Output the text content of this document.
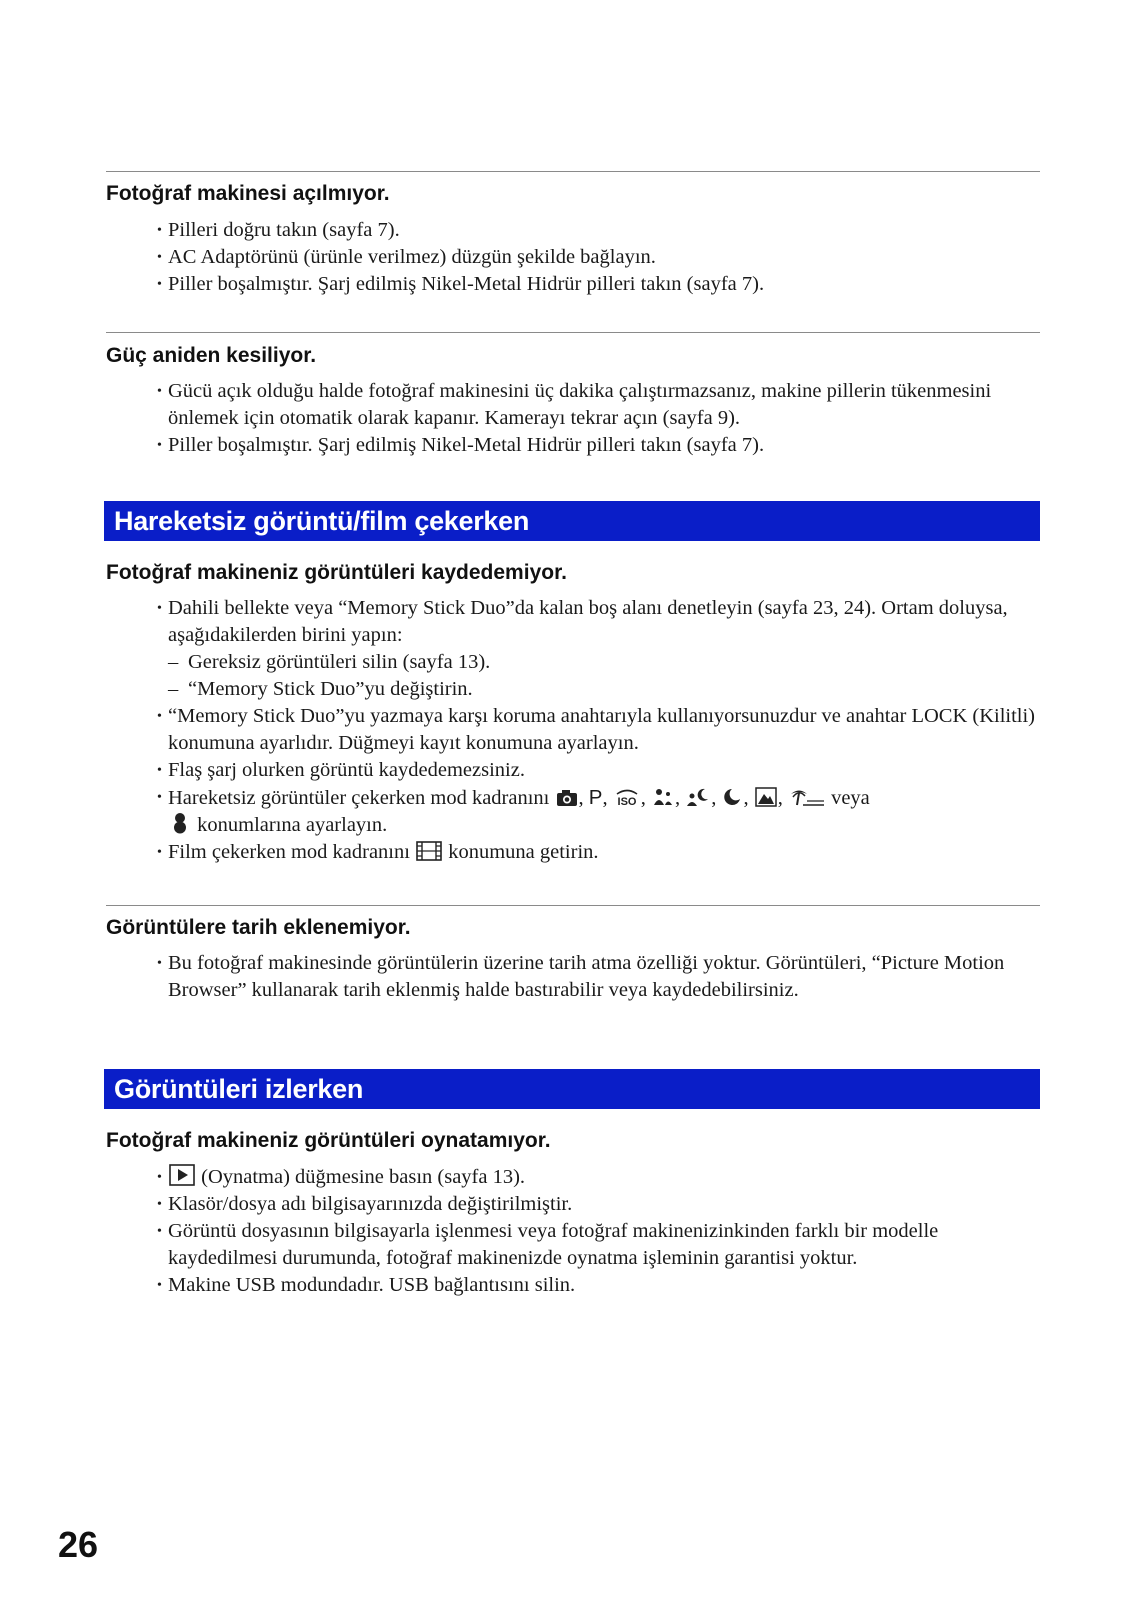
Fotoğraf makinesi açılmıyor.

• Pilleri doğru takın (sayfa 7).

• AC Adaptörünü (ürünle verilmez) düzgün şekilde bağlayın.

• Piller boşalmıştır. Şarj edilmiş Nikel-Metal Hidrür pilleri takın (sayfa 7).

Güç aniden kesiliyor.

• Gücü açık olduğu halde fotoğraf makinesini üç dakika çalıştırmazsanız, makine pillerin tükenmesini önlemek için otomatik olarak kapanır. Kamerayı tekrar açın (sayfa 9).

• Piller boşalmıştır. Şarj edilmiş Nikel-Metal Hidrür pilleri takın (sayfa 7).

Hareketsiz görüntü/film çekerken
Fotoğraf makineniz görüntüleri kaydedemiyor.

• Dahili bellekte veya “Memory Stick Duo”da kalan boş alanı denetleyin (sayfa 23, 24). Ortam doluysa, aşağıdakilerden birini yapın:

– Gereksiz görüntüleri silin (sayfa 13).

– “Memory Stick Duo”yu değiştirin.

• “Memory Stick Duo”yu yazmaya karşı koruma anahtarıyla kullanıyorsunuzdur ve anahtar LOCK (Kilitli) konumuna ayarlıdır. Düğmeyi kayıt konumuna ayarlayın.

• Flaş şarj olurken görüntü kaydedemezsiniz.

• Hareketsiz görüntüler çekerken mod kadranını , P, ISO , , , , ,  veya
konumlarına ayarlayın.

• Film çekerken mod kadranını konumuna getirin.

Görüntülere tarih eklenemiyor.

• Bu fotoğraf makinesinde görüntülerin üzerine tarih atma özelliği yoktur. Görüntüleri, “Picture Motion Browser” kullanarak tarih eklenmiş halde bastırabilir veya kaydedebilirsiniz.

Görüntüleri izlerken
Fotoğraf makineniz görüntüleri oynatamıyor.

• (Oynatma) düğmesine basın (sayfa 13).

• Klasör/dosya adı bilgisayarınızda değiştirilmiştir.

• Görüntü dosyasının bilgisayarla işlenmesi veya fotoğraf makinenizinkinden farklı bir modelle kaydedilmesi durumunda, fotoğraf makinenizde oynatma işleminin garantisi yoktur.

• Makine USB modundadır. USB bağlantısını silin.

26
